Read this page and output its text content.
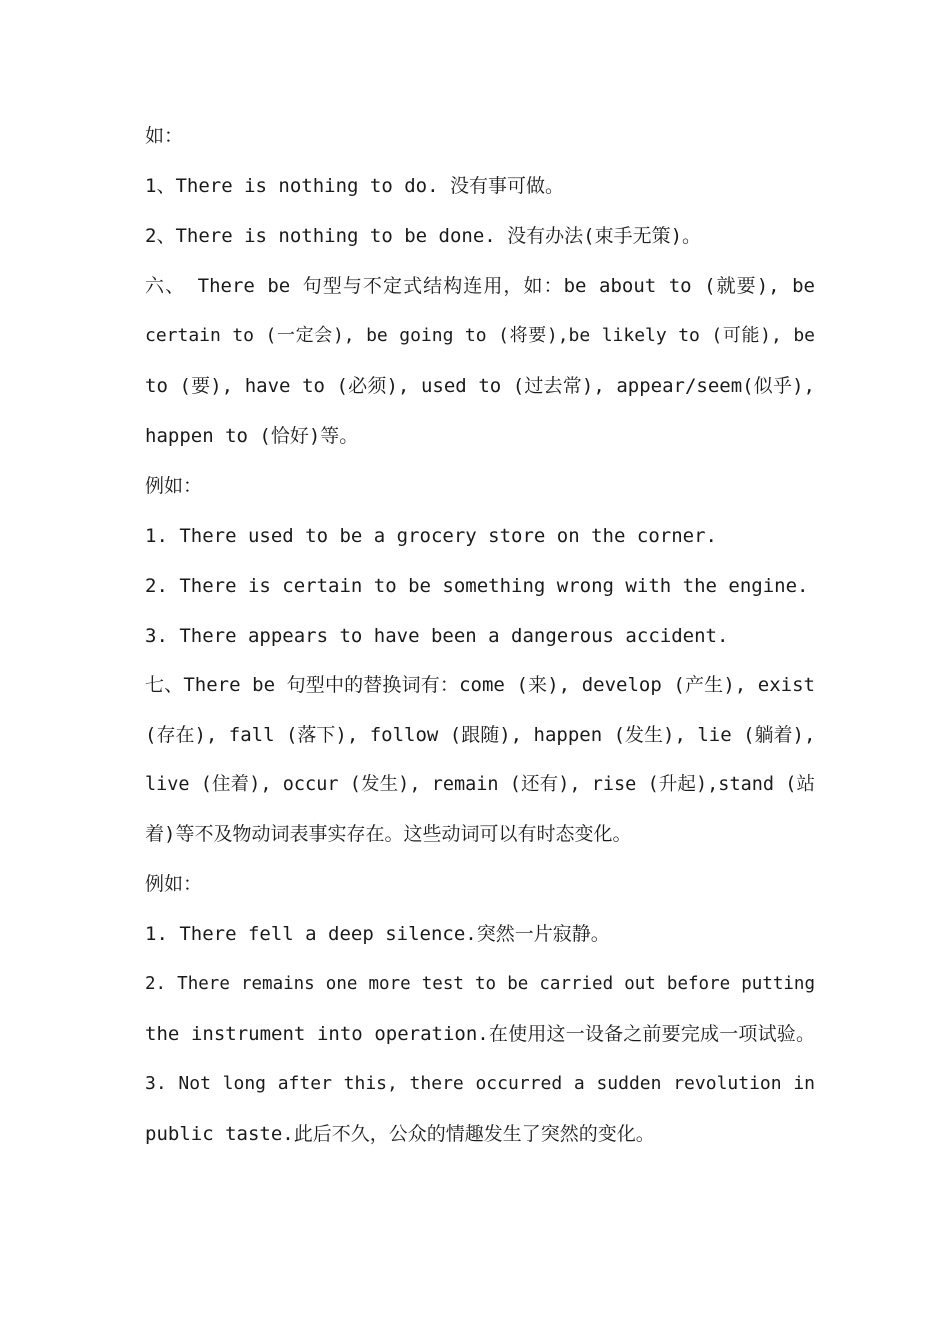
如：
1、There is nothing to do. 没有事可做。
2、There is nothing to be done. 没有办法(束手无策)。
六、 There be 句型与不定式结构连用，如：be about to (就要), be
certain to (一定会), be going to (将要),be likely to (可能), be
to (要), have to (必须), used to (过去常), appear/seem(似乎),
happen to (恰好)等。
例如：
1. There used to be a grocery store on the corner.
2. There is certain to be something wrong with the engine.
3. There appears to have been a dangerous accident.
七、There be 句型中的替换词有：come (来), develop (产生), exist
(存在), fall (落下), follow (跟随), happen (发生), lie (躺着),
live (住着), occur (发生), remain (还有), rise (升起),stand (站
着)等不及物动词表事实存在。这些动词可以有时态变化。
例如：
1. There fell a deep silence.突然一片寂静。
2. There remains one more test to be carried out before putting
the instrument into operation.在使用这一设备之前要完成一项试验。
3. Not long after this, there occurred a sudden revolution in
public taste.此后不久，公众的情趣发生了突然的变化。
